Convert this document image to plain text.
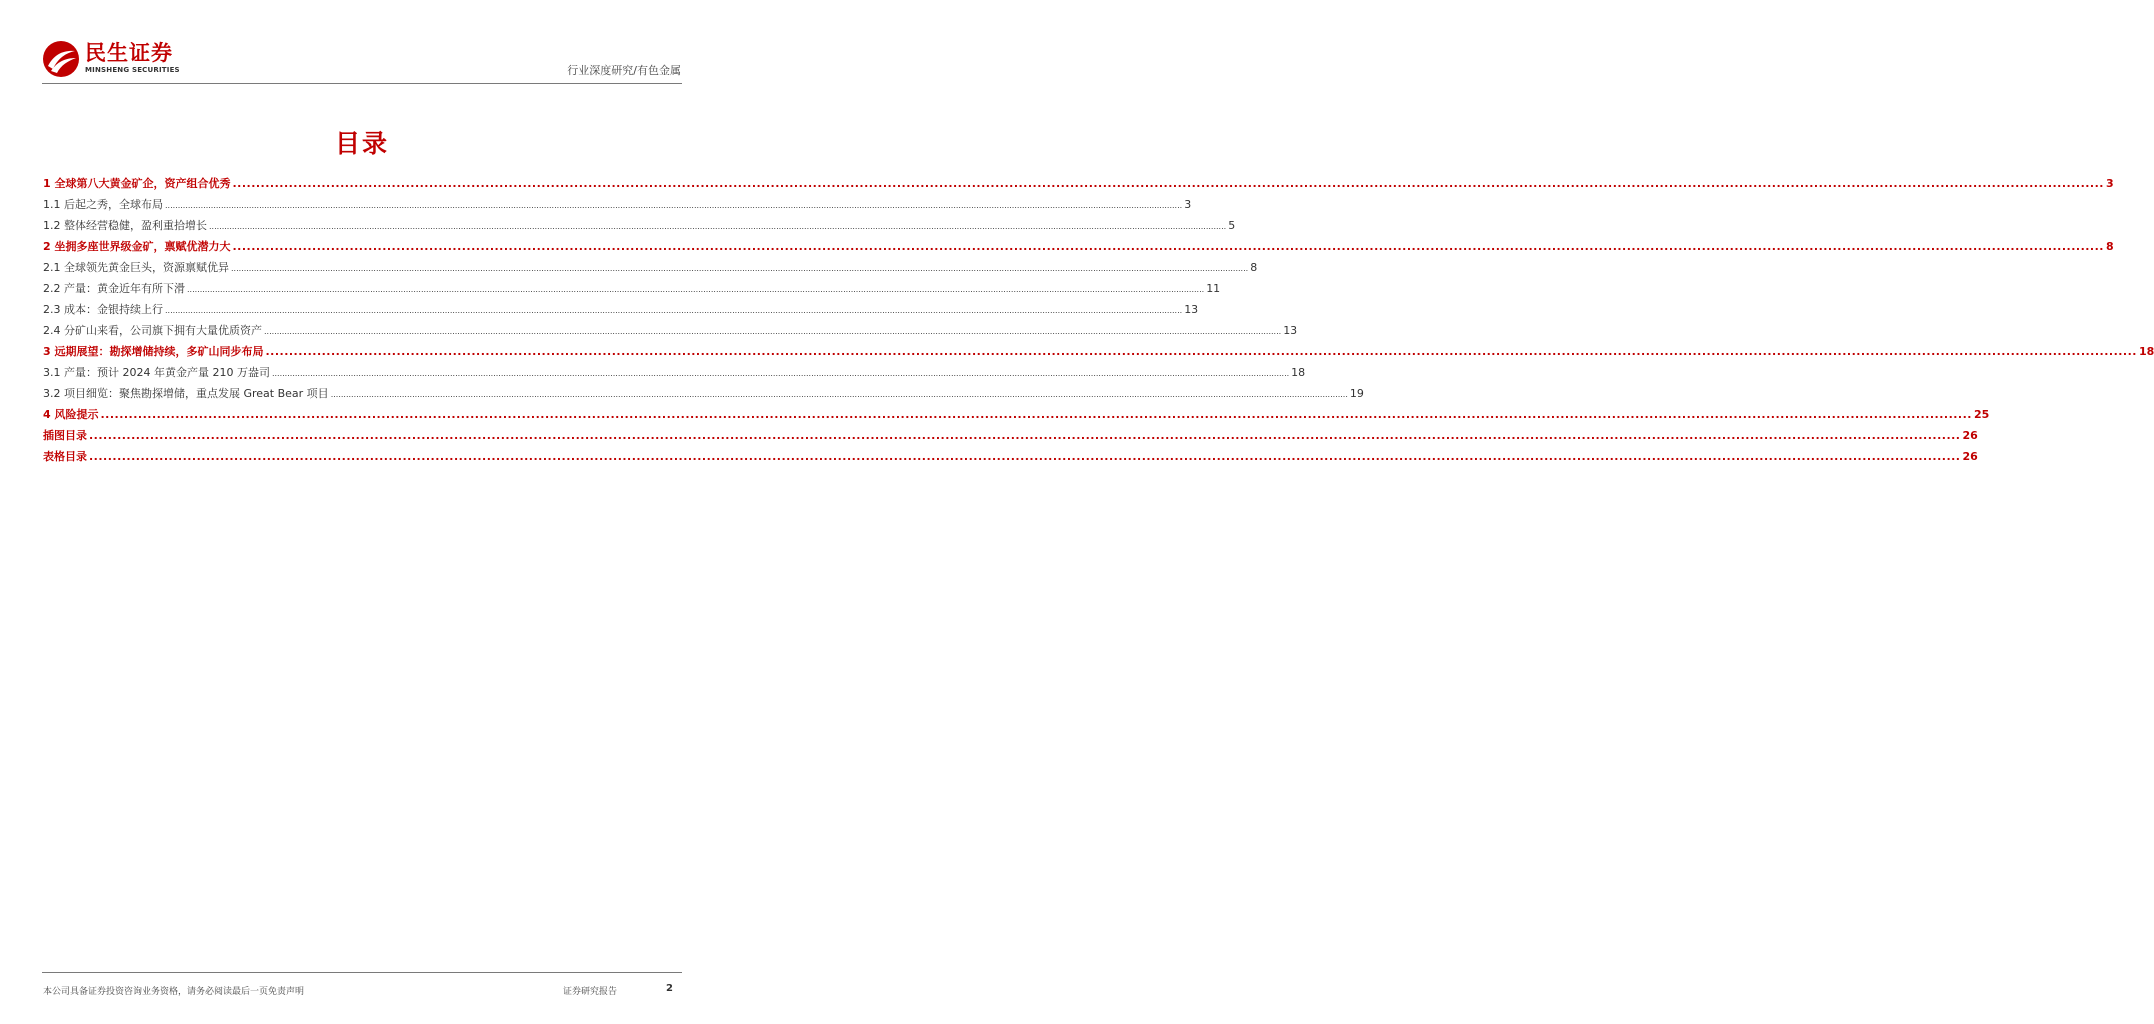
民生证券
MINSHENG SECURITIES	行业深度研究/有色金属
目录
1 全球第八大黄金矿企，资产组合优秀 ................................................................................................................................................................................................................................................................................................................................................................................................................ 3
1.1 后起之秀，全球布局 ................................................................................................................................................................................................................................................................................................................................................................................................................ 3
1.2 整体经营稳健，盈利重拾增长 ................................................................................................................................................................................................................................................................................................................................................................................................................ 5
2 坐拥多座世界级金矿，禀赋优潜力大 ................................................................................................................................................................................................................................................................................................................................................................................................................ 8
2.1 全球领先黄金巨头，资源禀赋优异 ................................................................................................................................................................................................................................................................................................................................................................................................................ 8
2.2 产量：黄金近年有所下滑 ................................................................................................................................................................................................................................................................................................................................................................................................................ 11
2.3 成本：金银持续上行 ................................................................................................................................................................................................................................................................................................................................................................................................................ 13
2.4 分矿山来看，公司旗下拥有大量优质资产 ................................................................................................................................................................................................................................................................................................................................................................................................................ 13
3 远期展望：勘探增储持续，多矿山同步布局 ................................................................................................................................................................................................................................................................................................................................................................................................................ 18
3.1 产量：预计 2024 年黄金产量 210 万盎司 ................................................................................................................................................................................................................................................................................................................................................................................................................ 18
3.2 项目细览：聚焦勘探增储，重点发展 Great Bear 项目 ................................................................................................................................................................................................................................................................................................................................................................................................................ 19
4 风险提示 ................................................................................................................................................................................................................................................................................................................................................................................................................ 25
插图目录 ................................................................................................................................................................................................................................................................................................................................................................................................................ 26
表格目录 ................................................................................................................................................................................................................................................................................................................................................................................................................ 26
本公司具备证券投资咨询业务资格，请务必阅读最后一页免责声明	证券研究报告	2
